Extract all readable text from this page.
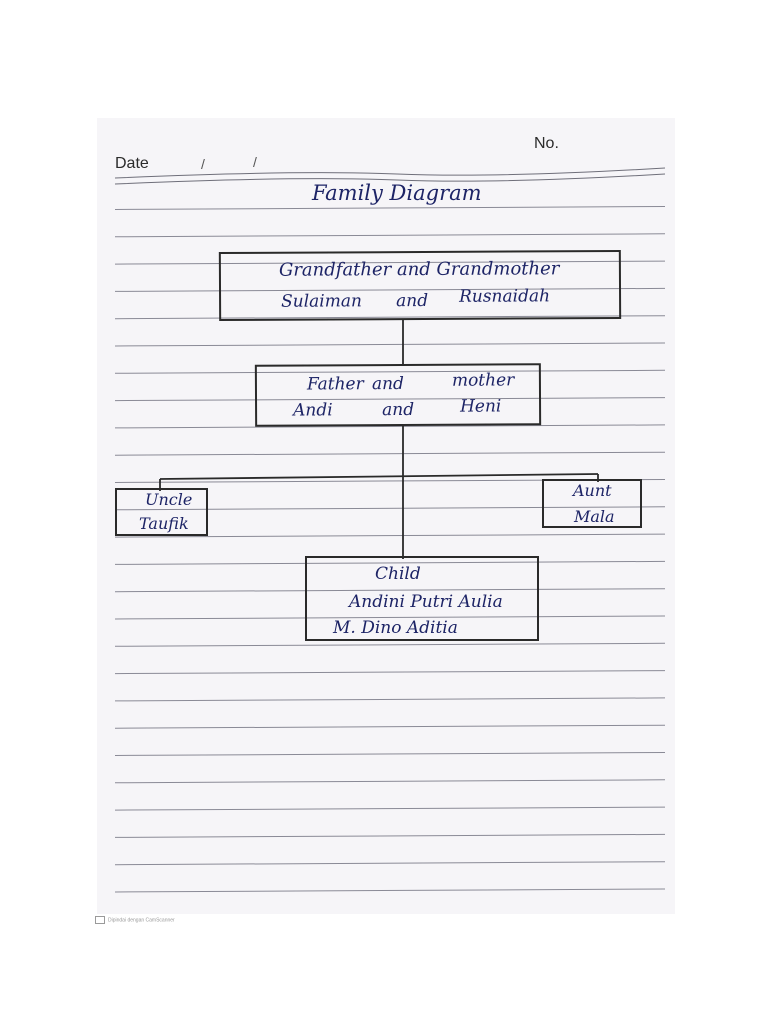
No.
Date	/	/
Family Diagram
Grandfather and Grandmother
Sulaiman and Rusnaidah
Father and	mother
Andi	and	Heni
Uncle
Taufik
Aunt
Mala
Child
Andini Putri Aulia
M. Dino Aditia
Dipindai dengan CamScanner
